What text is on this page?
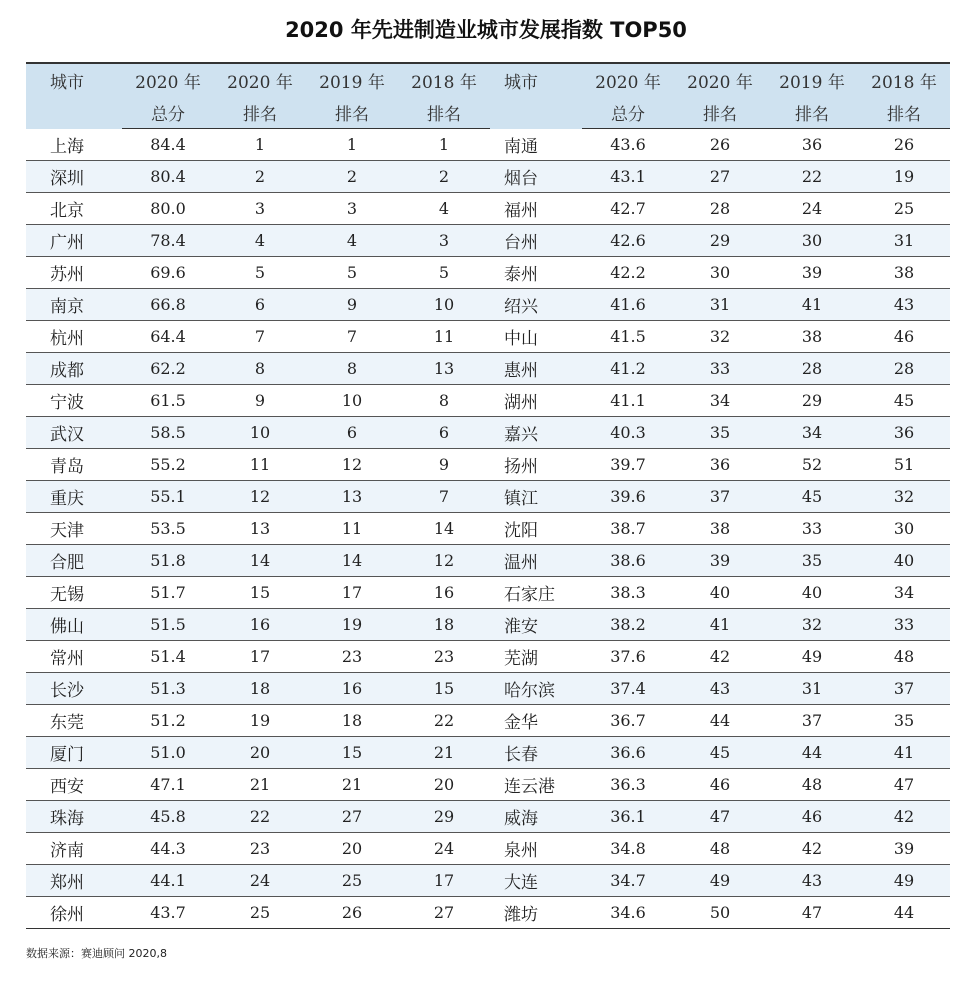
2020 年先进制造业城市发展指数 TOP50
城市	2020 年	2020 年	2019 年	2018 年	城市	2020 年	2020 年	2019 年	2018 年
	总分	排名	排名	排名		总分	排名	排名	排名
上海	84.4	1	1	1	南通	43.6	26	36	26
深圳	80.4	2	2	2	烟台	43.1	27	22	19
北京	80.0	3	3	4	福州	42.7	28	24	25
广州	78.4	4	4	3	台州	42.6	29	30	31
苏州	69.6	5	5	5	泰州	42.2	30	39	38
南京	66.8	6	9	10	绍兴	41.6	31	41	43
杭州	64.4	7	7	11	中山	41.5	32	38	46
成都	62.2	8	8	13	惠州	41.2	33	28	28
宁波	61.5	9	10	8	湖州	41.1	34	29	45
武汉	58.5	10	6	6	嘉兴	40.3	35	34	36
青岛	55.2	11	12	9	扬州	39.7	36	52	51
重庆	55.1	12	13	7	镇江	39.6	37	45	32
天津	53.5	13	11	14	沈阳	38.7	38	33	30
合肥	51.8	14	14	12	温州	38.6	39	35	40
无锡	51.7	15	17	16	石家庄	38.3	40	40	34
佛山	51.5	16	19	18	淮安	38.2	41	32	33
常州	51.4	17	23	23	芜湖	37.6	42	49	48
长沙	51.3	18	16	15	哈尔滨	37.4	43	31	37
东莞	51.2	19	18	22	金华	36.7	44	37	35
厦门	51.0	20	15	21	长春	36.6	45	44	41
西安	47.1	21	21	20	连云港	36.3	46	48	47
珠海	45.8	22	27	29	威海	36.1	47	46	42
济南	44.3	23	20	24	泉州	34.8	48	42	39
郑州	44.1	24	25	17	大连	34.7	49	43	49
徐州	43.7	25	26	27	潍坊	34.6	50	47	44
数据来源：赛迪顾问 2020,8
